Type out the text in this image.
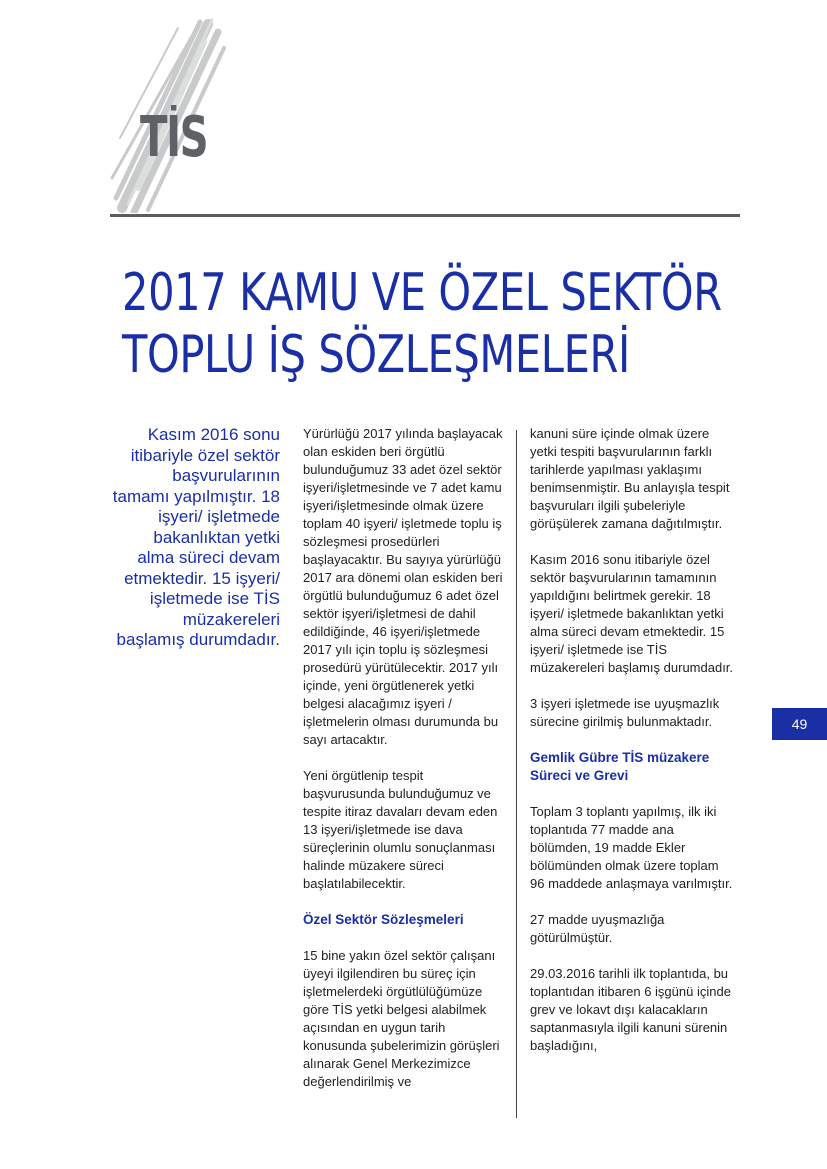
TİS
2017 KAMU VE ÖZEL SEKTÖR
TOPLU İŞ SÖZLEŞMELERİ

Kasım 2016 sonu itibariyle özel sektör başvurularının tamamı yapılmıştır. 18 işyeri/ işletmede bakanlıktan yetki alma süreci devam etmektedir. 15 işyeri/ işletmede ise TİS müzakereleri başlamış durumdadır.

Yürürlüğü 2017 yılında başlayacak olan eskiden beri örgütlü bulunduğumuz 33 adet özel sektör işyeri/işletmesinde ve 7 adet kamu işyeri/işletmesinde olmak üzere toplam 40 işyeri/ işletmede toplu iş sözleşmesi prosedürleri başlayacaktır. Bu sayıya yürürlüğü 2017 ara dönemi olan eskiden beri örgütlü bulunduğumuz 6 adet özel sektör işyeri/işletmesi de dahil edildiğinde, 46 işyeri/işletmede 2017 yılı için toplu iş sözleşmesi prosedürü yürütülecektir. 2017 yılı içinde, yeni örgütlenerek yetki belgesi alacağımız işyeri / işletmelerin olması durumunda bu sayı artacaktır.

Yeni örgütlenip tespit başvurusunda bulunduğumuz ve tespite itiraz davaları devam eden 13 işyeri/işletmede ise dava süreçlerinin olumlu sonuçlanması halinde müzakere süreci başlatılabilecektir.

Özel Sektör Sözleşmeleri

15 bine yakın özel sektör çalışanı üyeyi ilgilendiren bu süreç için işletmelerdeki örgütlülüğümüze göre TİS yetki belgesi alabilmek açısından en uygun tarih konusunda şubelerimizin görüşleri alınarak Genel Merkezimizce değerlendirilmiş ve

kanuni süre içinde olmak üzere yetki tespiti başvurularının farklı tarihlerde yapılması yaklaşımı benimsenmiştir. Bu anlayışla tespit başvuruları ilgili şubeleriyle görüşülerek zamana dağıtılmıştır.

Kasım 2016 sonu itibariyle özel sektör başvurularının tamamının yapıldığını belirtmek gerekir. 18 işyeri/ işletmede bakanlıktan yetki alma süreci devam etmektedir. 15 işyeri/ işletmede ise TİS müzakereleri başlamış durumdadır.

3 işyeri işletmede ise uyuşmazlık sürecine girilmiş bulunmaktadır.

Gemlik Gübre TİS müzakere Süreci ve Grevi

Toplam 3 toplantı yapılmış, ilk iki toplantıda 77 madde ana bölümden, 19 madde Ekler bölümünden olmak üzere toplam 96 maddede anlaşmaya varılmıştır.

27 madde uyuşmazlığa götürülmüştür.

29.03.2016 tarihli ilk toplantıda, bu toplantıdan itibaren 6 işgünü içinde grev ve lokavt dışı kalacakların saptanmasıyla ilgili kanuni sürenin başladığını,

49
